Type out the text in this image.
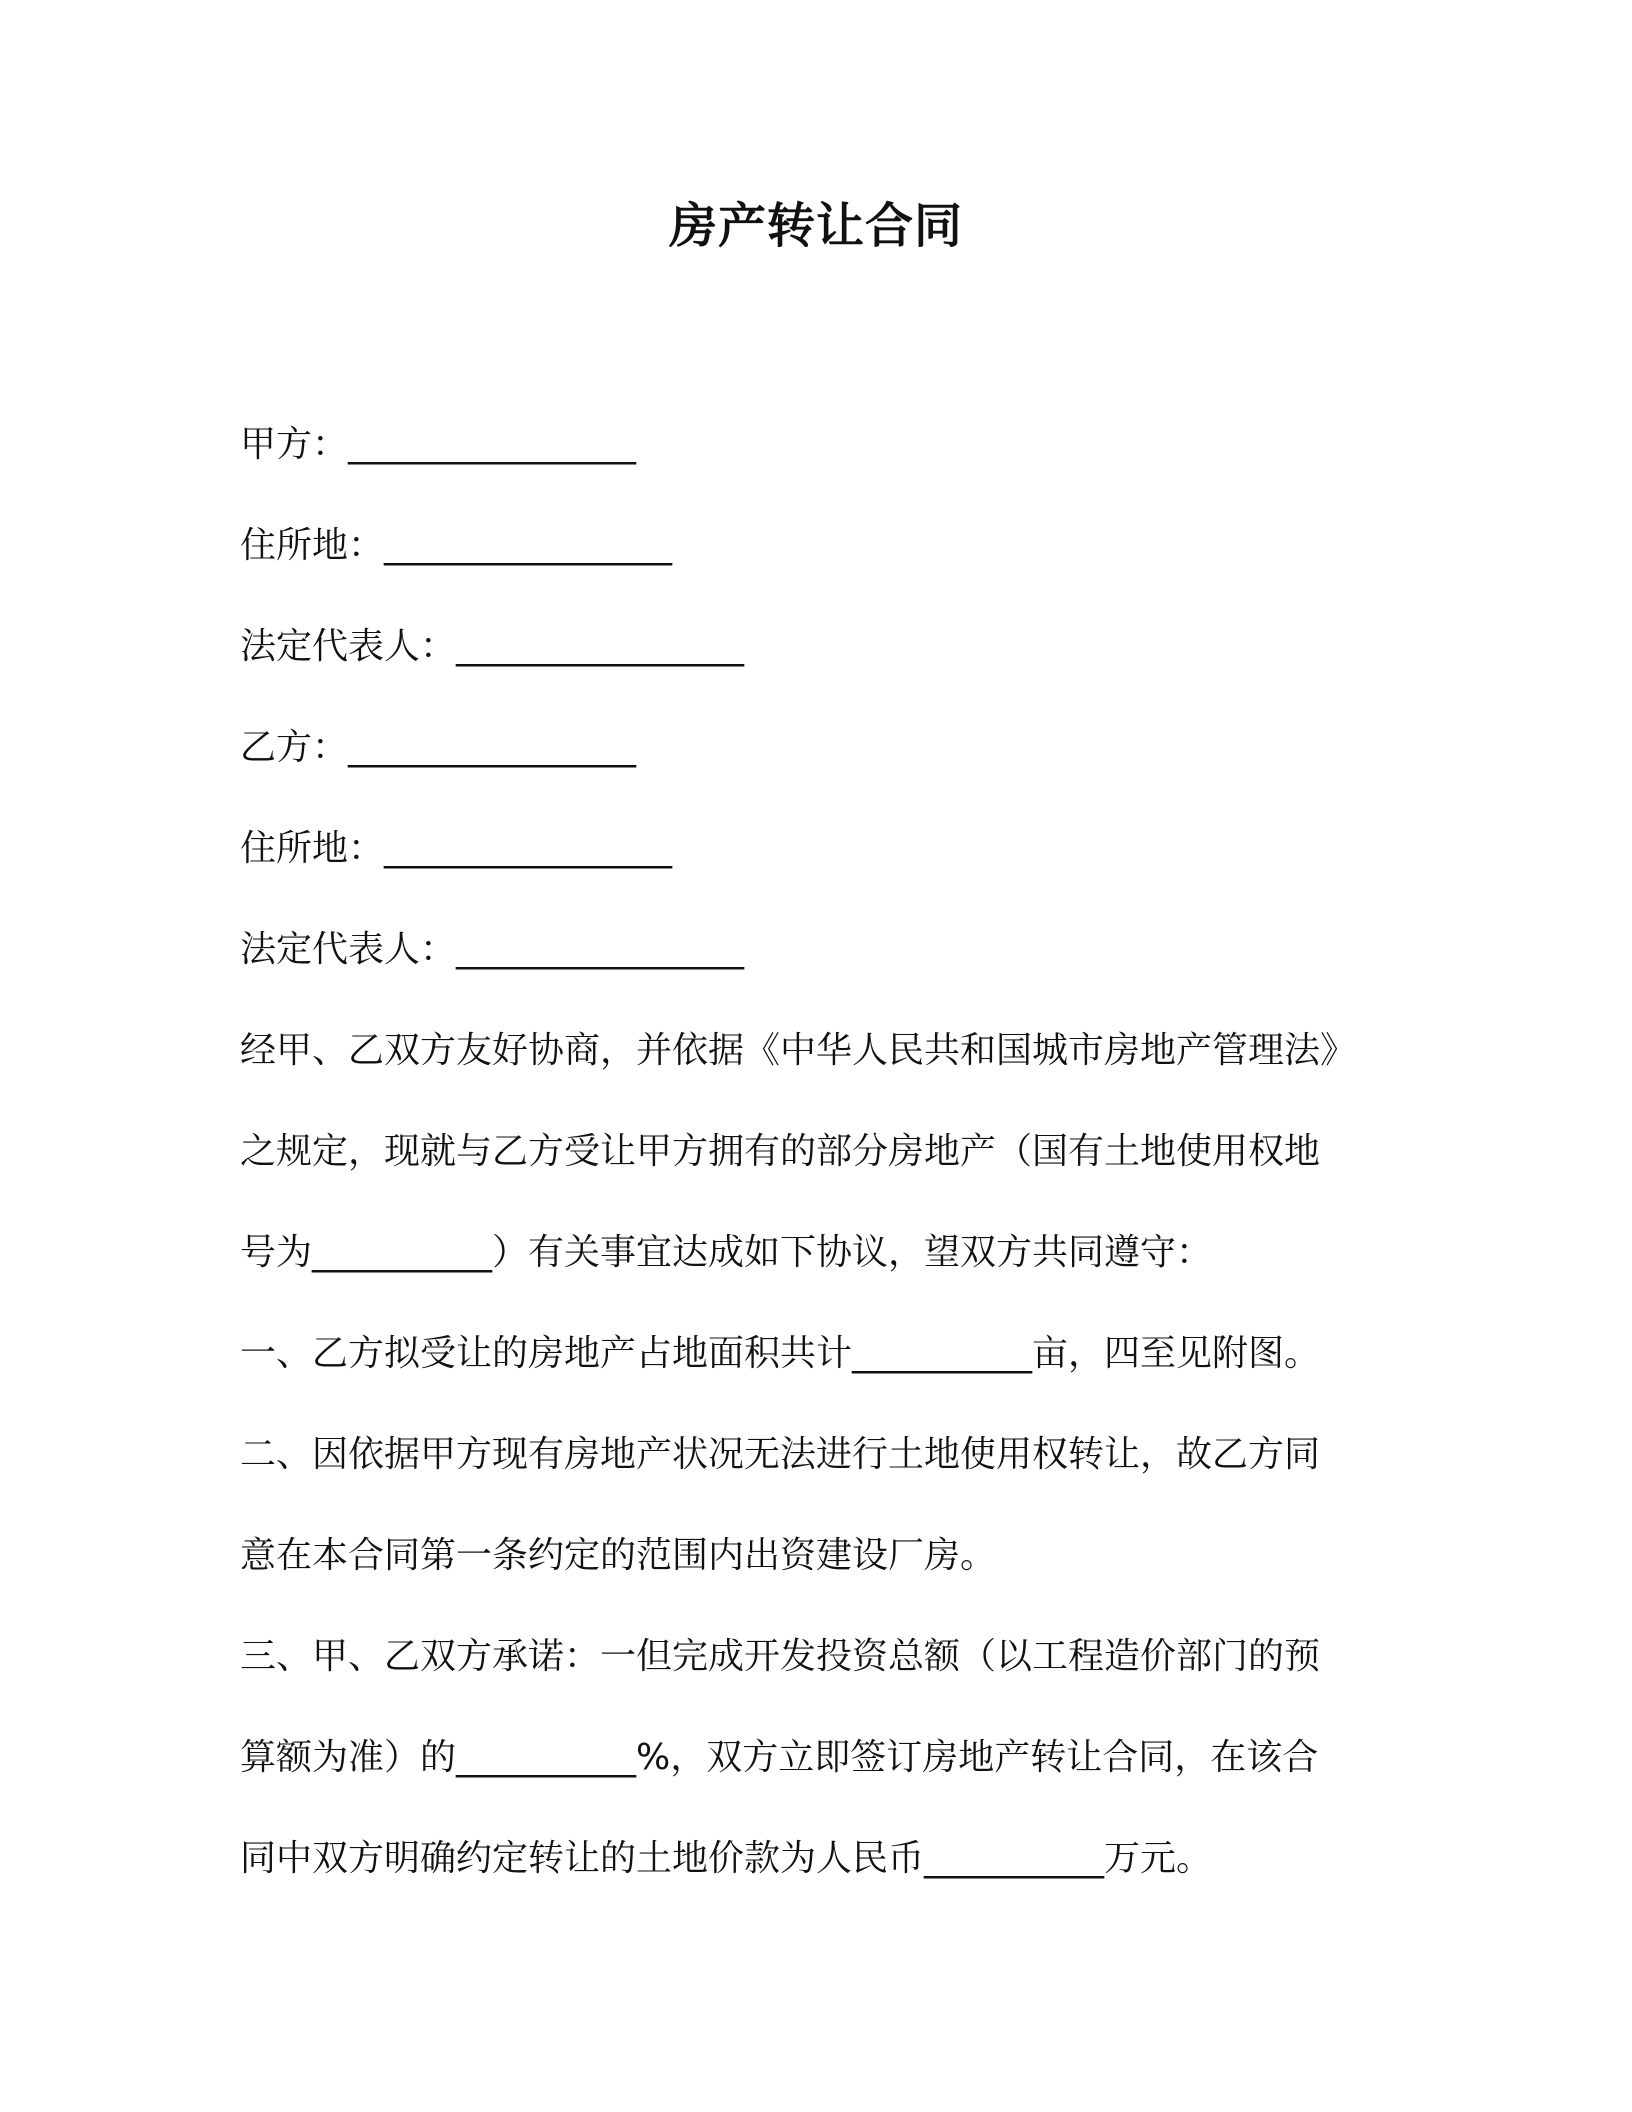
房产转让合同
甲方：________________
住所地：________________
法定代表人：________________
乙方：________________
住所地：________________
法定代表人：________________
经甲、乙双方友好协商，并依据《中华人民共和国城市房地产管理法》
之规定，现就与乙方受让甲方拥有的部分房地产（国有土地使用权地
号为__________）有关事宜达成如下协议，望双方共同遵守：
一、乙方拟受让的房地产占地面积共计__________亩，四至见附图。
二、因依据甲方现有房地产状况无法进行土地使用权转让，故乙方同
意在本合同第一条约定的范围内出资建设厂房。
三、甲、乙双方承诺：一但完成开发投资总额（以工程造价部门的预
算额为准）的__________%，双方立即签订房地产转让合同，在该合
同中双方明确约定转让的土地价款为人民币__________万元。
